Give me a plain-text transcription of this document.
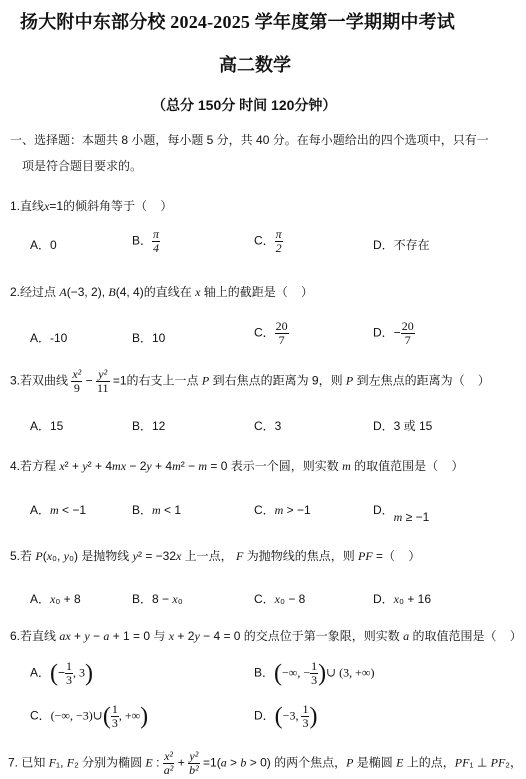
扬大附中东部分校 2024-2025 学年度第一学期期中考试
高二数学
（总分 150分 时间 120分钟）
一、选择题：本题共 8 小题，每小题 5 分，共 40 分。在每小题给出的四个选项中，只有一
项是符合题目要求的。
1.直线x=1的倾斜角等于（    ）
A．0	B． $\frac{\pi}{4}$	C． $\frac{\pi}{2}$	D．不存在
2.经过点 A(−3, 2), B(4, 4)的直线在 x 轴上的截距是（    ）
A．-10	B．10	C． $\frac{20}{7}$	D．− $\frac{20}{7}$
3.若双曲线 $\frac{\text{x²}}{9} - \frac{\text{y²}}{11} =1$的右支上一点 P 到右焦点的距离为 9，则 P 到左焦点的距离为（    ）
A．15	B．12	C．3	D．3 或 15
4.若方程 x² + y² + 4mx − 2y + 4m² − m = 0 表示一个圆，则实数 m 的取值范围是（    ）
A．m < −1	B．m < 1	C．m > −1	D．m ≥ −1
5.若 P(x₀, y₀) 是抛物线 y² = −32x 上一点， F 为抛物线的焦点，则 PF =（    ）
A．x₀ + 8	B．8 − x₀	C．x₀ − 8	D．x₀ + 16
6.若直线 ax + y − a + 1 = 0 与 x + 2y − 4 = 0 的交点位于第一象限，则实数 a 的取值范围是（    ）
A．(− $\frac{1}{3}$ , 3)	B．(−∞, − $\frac{1}{3}$ )∪ (3, +∞)
C．(−∞, −3)∪( $\frac{1}{3}$ , +∞)	D．(−3, $\frac{1}{3}$ )
7. 已知 F₁, F₂ 分别为椭圆 E : $\frac{\text{x²}}{\text{a²}} + \frac{\text{y²}}{\text{b²}} =1(a > b > 0)$ 的两个焦点，P 是椭圆 E 上的点，PF₁ ⊥ PF₂，
